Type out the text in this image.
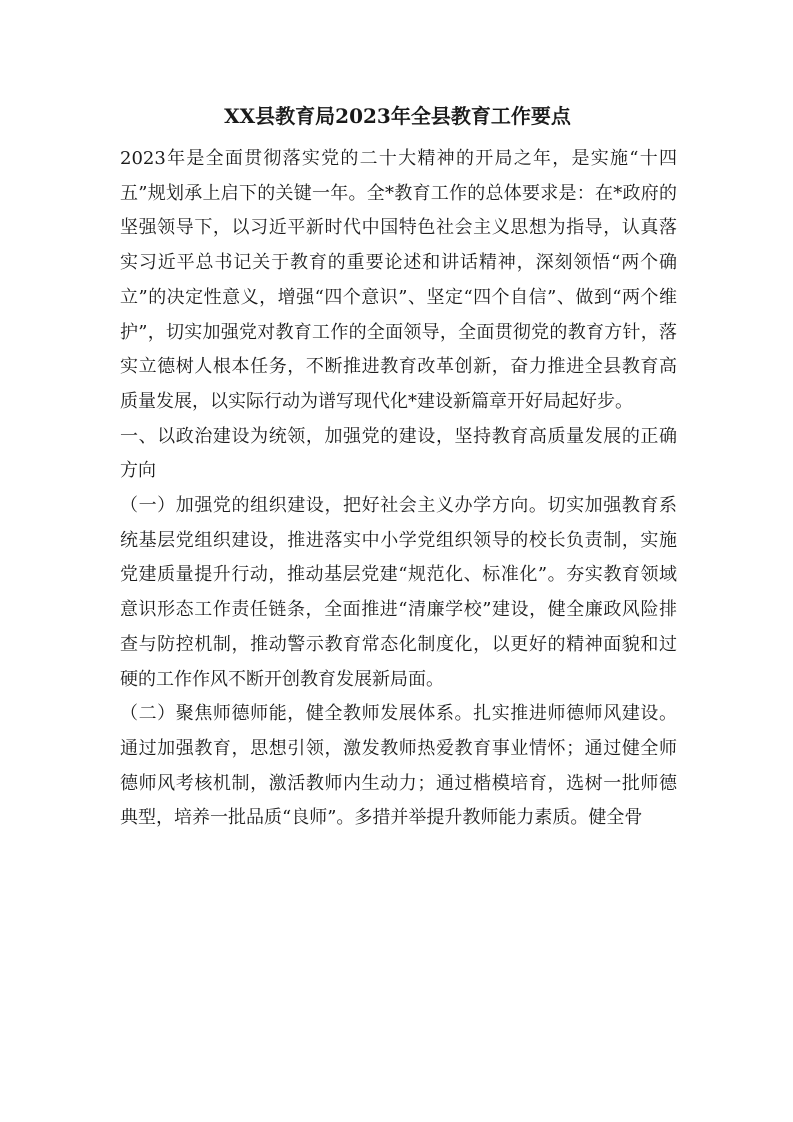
XX县教育局2023年全县教育工作要点

2023年是全面贯彻落实党的二十大精神的开局之年，是实施“十四五”规划承上启下的关键一年。全*教育工作的总体要求是：在*政府的坚强领导下，以习近平新时代中国特色社会主义思想为指导，认真落实习近平总书记关于教育的重要论述和讲话精神，深刻领悟“两个确立”的决定性意义，增强“四个意识”、坚定“四个自信”、做到“两个维护”，切实加强党对教育工作的全面领导，全面贯彻党的教育方针，落实立德树人根本任务，不断推进教育改革创新，奋力推进全县教育高质量发展，以实际行动为谱写现代化*建设新篇章开好局起好步。

一、以政治建设为统领，加强党的建设，坚持教育高质量发展的正确方向

（一）加强党的组织建设，把好社会主义办学方向。切实加强教育系统基层党组织建设，推进落实中小学党组织领导的校长负责制，实施党建质量提升行动，推动基层党建“规范化、标准化”。夯实教育领域意识形态工作责任链条，全面推进“清廉学校”建设，健全廉政风险排查与防控机制，推动警示教育常态化制度化，以更好的精神面貌和过硬的工作作风不断开创教育发展新局面。

（二）聚焦师德师能，健全教师发展体系。扎实推进师德师风建设。通过加强教育，思想引领，激发教师热爱教育事业情怀；通过健全师德师风考核机制，激活教师内生动力；通过楷模培育，选树一批师德典型，培养一批品质“良师”。多措并举提升教师能力素质。健全骨
